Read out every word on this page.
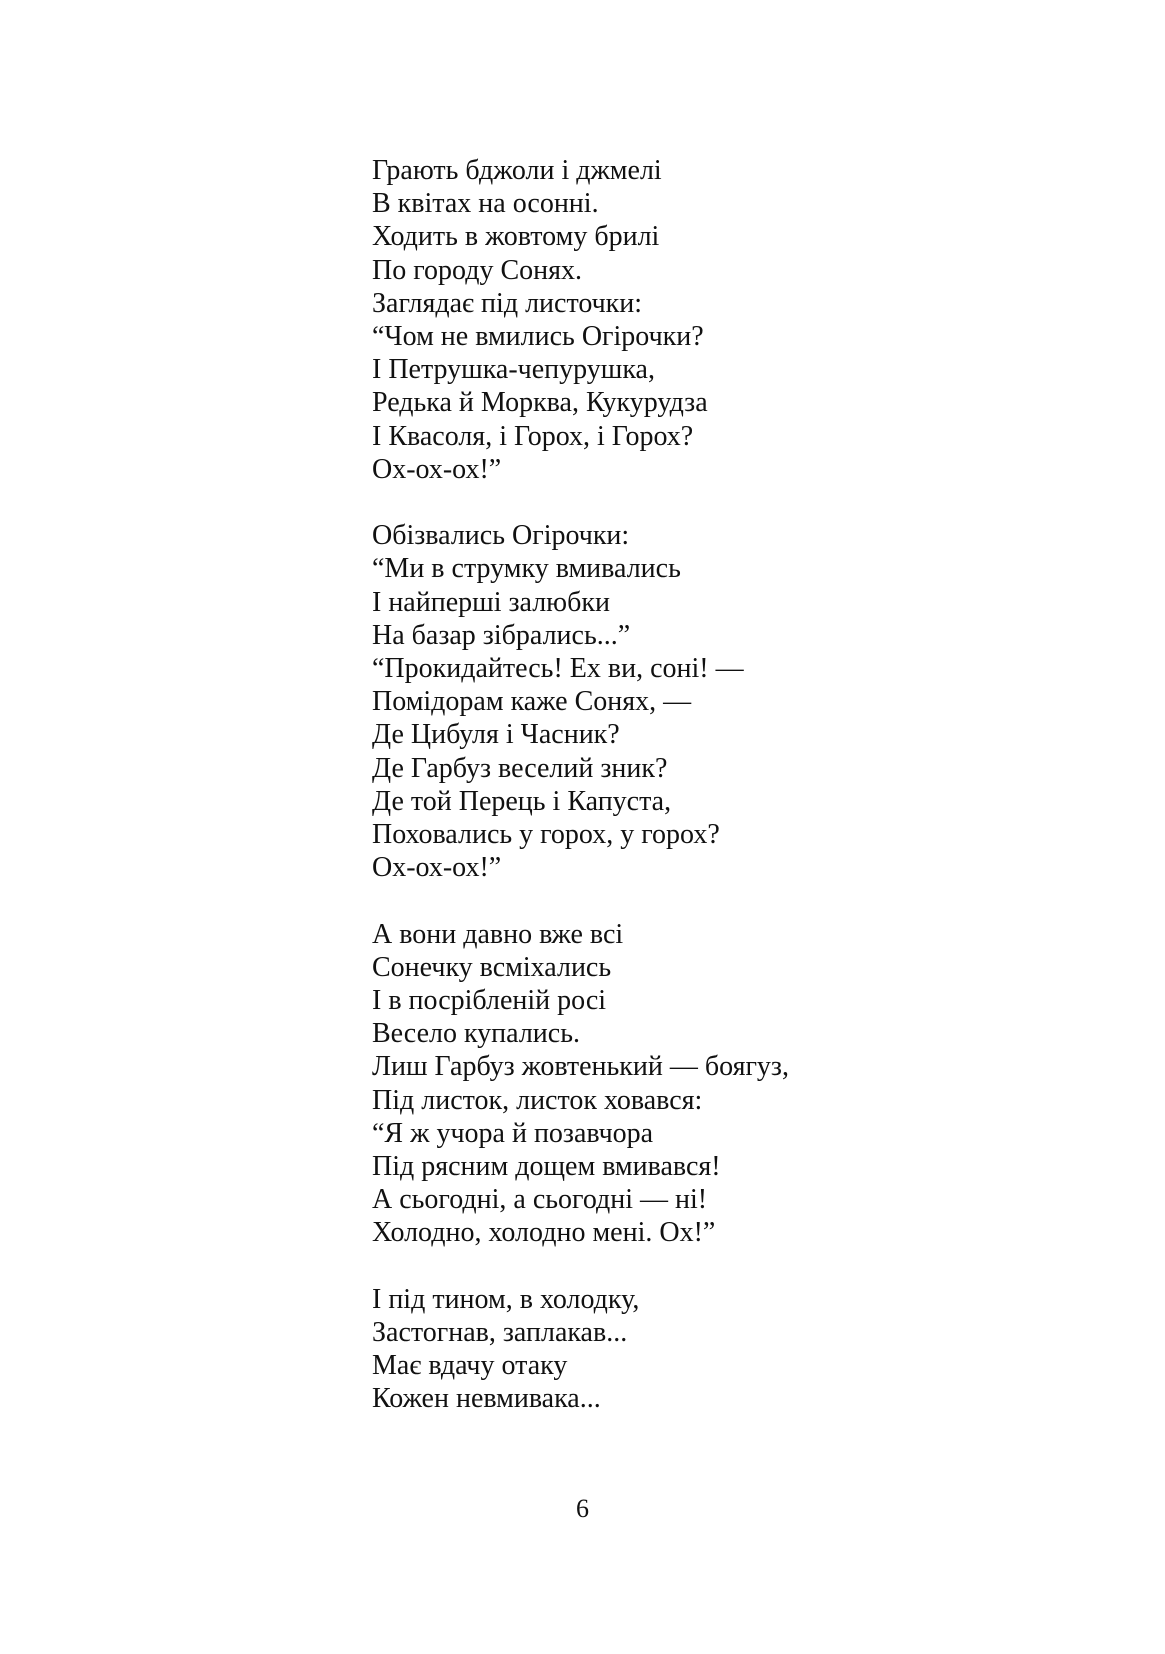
Грають бджоли і джмелі
В квітах на осонні.
Ходить в жовтому брилі
По городу Сонях.
Заглядає під листочки:
“Чом не вмились Огірочки?
І Петрушка-чепурушка,
Редька й Морква, Кукурудза
І Квасоля, і Горох, і Горох?
Ох-ох-ох!”
Обізвались Огірочки:
“Ми в струмку вмивались
І найперші залюбки
На базар зібрались...”
“Прокидайтесь! Ех ви, соні! —
Помідорам каже Сонях, —
Де Цибуля і Часник?
Де Гарбуз веселий зник?
Де той Перець і Капуста,
Поховались у горох, у горох?
Ох-ох-ох!”
А вони давно вже всі
Сонечку всміхались
І в посрібленій росі
Весело купались.
Лиш Гарбуз жовтенький — боягуз,
Під листок, листок ховався:
“Я ж учора й позавчора
Під рясним дощем вмивався!
А сьогодні, а сьогодні — ні!
Холодно, холодно мені. Ох!”
І під тином, в холодку,
Застогнав, заплакав...
Має вдачу отаку
Кожен невмивака...
6
